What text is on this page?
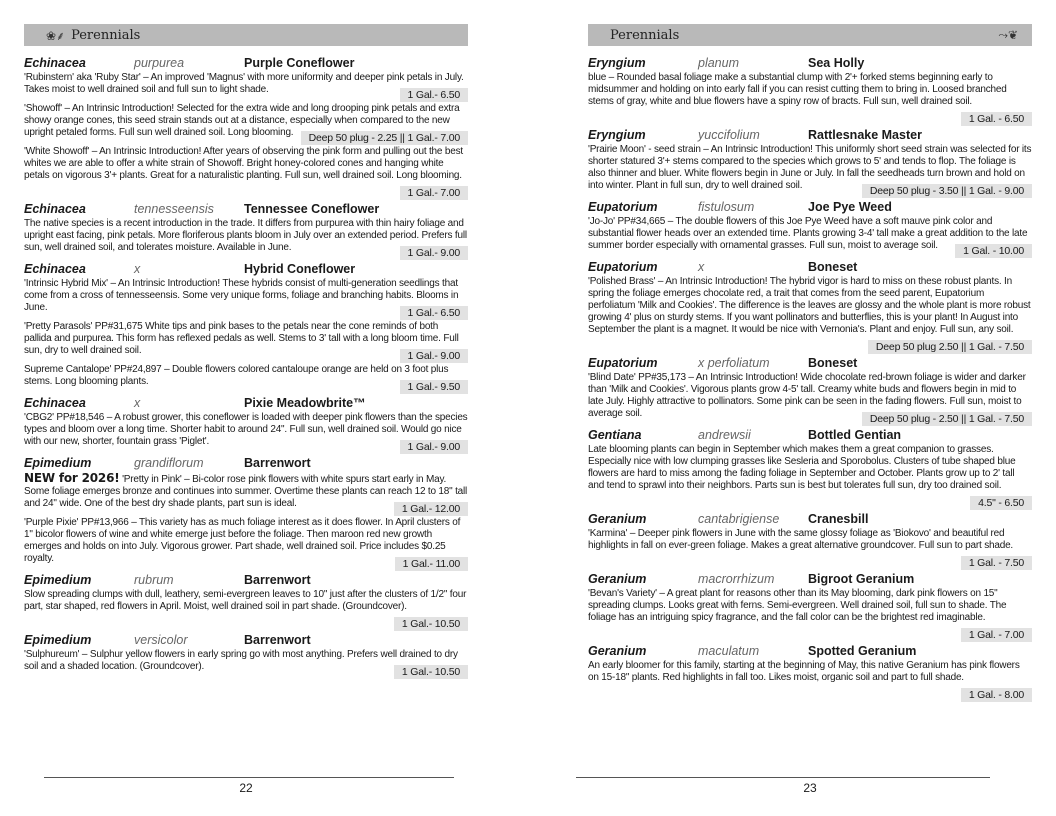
❀⸙ Perennials
Echinacea	purpurea	Purple Coneflower
'Rubinstern' aka 'Ruby Star' – An improved 'Magnus' with more uniformity and deeper pink petals in July. Takes moist to well drained soil and full sun to light shade.	1 Gal.- 6.50
'Showoff' – An Intrinsic Introduction! Selected for the extra wide and long drooping pink petals and extra showy orange cones, this seed strain stands out at a distance, especially when compared to the new upright petaled forms. Full sun well drained soil. Long blooming.	Deep 50 plug - 2.25 || 1 Gal.- 7.00
'White Showoff' – An Intrinsic Introduction! After years of observing the pink form and pulling out the best whites we are able to offer a white strain of Showoff. Bright honey-colored cones and hanging white petals on vigorous 3'+ plants. Great for a naturalistic planting. Full sun, well drained soil. Long blooming.
1 Gal.- 7.00
Echinacea	tennesseensis	Tennessee Coneflower
The native species is a recent introduction in the trade. It differs from purpurea with thin hairy foliage and upright east facing, pink petals. More floriferous plants bloom in July over an extended period. Prefers full sun, well drained soil, and tolerates moisture. Available in June.	1 Gal.- 9.00
Echinacea	x	Hybrid Coneflower
'Intrinsic Hybrid Mix' – An Intrinsic Introduction! These hybrids consist of multi-generation seedlings that come from a cross of tennesseensis. Some very unique forms, foliage and branching habits. Blooms in June.	1 Gal.- 6.50
'Pretty Parasols' PP#31,675 White tips and pink bases to the petals near the cone reminds of both pallida and purpurea. This form has reflexed pedals as well. Stems to 3' tall with a long bloom time. Full sun, dry to well drained soil.	1 Gal.- 9.00
Supreme Cantalope' PP#24,897 – Double flowers colored cantaloupe orange are held on 3 foot plus stems. Long blooming plants.	1 Gal.- 9.50
Echinacea	x	Pixie Meadowbrite™
'CBG2' PP#18,546 – A robust grower, this coneflower is loaded with deeper pink flowers than the species types and bloom over a long time. Shorter habit to around 24". Full sun, well drained soil. Would go nice with our new, shorter, fountain grass 'Piglet'.	1 Gal.- 9.00
Epimedium	grandiflorum	Barrenwort
NEW for 2026! 'Pretty in Pink' – Bi-color rose pink flowers with white spurs start early in May. Some foliage emerges bronze and continues into summer. Overtime these plants can reach 12 to 18" tall and 24" wide. One of the best dry shade plants, part sun is ideal.	1 Gal.- 12.00
'Purple Pixie' PP#13,966 – This variety has as much foliage interest as it does flower. In April clusters of 1" bicolor flowers of wine and white emerge just before the foliage. Then maroon red new growth emerges and holds on into July. Vigorous grower. Part shade, well drained soil. Price includes $0.25 royalty.	1 Gal.- 11.00
Epimedium	rubrum	Barrenwort
Slow spreading clumps with dull, leathery, semi-evergreen leaves to 10" just after the clusters of 1/2" four part, star shaped, red flowers in April. Moist, well drained soil in part shade. (Groundcover).
1 Gal.- 10.50
Epimedium	versicolor	Barrenwort
'Sulphureum' – Sulphur yellow flowers in early spring go with most anything. Prefers well drained to dry soil and a shaded location. (Groundcover).	1 Gal.- 10.50
22
Perennials	⤳❦
Eryngium	planum	Sea Holly
blue – Rounded basal foliage make a substantial clump with 2'+ forked stems beginning early to midsummer and holding on into early fall if you can resist cutting them to bring in. Loosed branched stems of gray, white and blue flowers have a spiny row of bracts. Full sun, well drained soil.
1 Gal. - 6.50
Eryngium	yuccifolium	Rattlesnake Master
'Prairie Moon' - seed strain – An Intrinsic Introduction! This uniformly short seed strain was selected for its shorter statured 3'+ stems compared to the species which grows to 5' and tends to flop. The foliage is also thinner and bluer. White flowers begin in June or July. In fall the seedheads turn brown and hold on into winter. Plant in full sun, dry to well drained soil.	Deep 50 plug - 3.50 || 1 Gal. - 9.00
Eupatorium	fistulosum	Joe Pye Weed
'Jo-Jo' PP#34,665 – The double flowers of this Joe Pye Weed have a soft mauve pink color and substantial flower heads over an extended time. Plants growing 3-4' tall make a great addition to the late summer border especially with ornamental grasses. Full sun, moist to average soil.	1 Gal. - 10.00
Eupatorium	x	Boneset
'Polished Brass' – An Intrinsic Introduction! The hybrid vigor is hard to miss on these robust plants. In spring the foliage emerges chocolate red, a trait that comes from the seed parent, Eupatorium perfoliatum 'Milk and Cookies'. The difference is the leaves are glossy and the whole plant is more robust growing 4' plus on sturdy stems. If you want pollinators and butterflies, this is your plant! In August into September the plant is a magnet. It would be nice with Vernonia's. Plant and enjoy. Full sun, any soil.
Deep 50 plug 2.50 || 1 Gal. - 7.50
Eupatorium	x perfoliatum	Boneset
'Blind Date' PP#35,173 – An Intrinsic Introduction! Wide chocolate red-brown foliage is wider and darker than 'Milk and Cookies'. Vigorous plants grow 4-5' tall. Creamy white buds and flowers begin in mid to late July. Highly attractive to pollinators. Some pink can be seen in the fading flowers. Full sun, moist to average soil.	Deep 50 plug - 2.50 || 1 Gal. - 7.50
Gentiana	andrewsii	Bottled Gentian
Late blooming plants can begin in September which makes them a great companion to grasses. Especially nice with low clumping grasses like Sesleria and Sporobolus. Clusters of tube shaped blue flowers are hard to miss among the fading foliage in September and October. Plants grow up to 2' tall and tend to sprawl into their neighbors. Parts sun is best but tolerates full sun, dry too drained soil.
4.5" - 6.50
Geranium	cantabrigiense	Cranesbill
'Karmina' – Deeper pink flowers in June with the same glossy foliage as 'Biokovo' and beautiful red highlights in fall on ever-green foliage. Makes a great alternative groundcover. Full sun to part shade.
1 Gal. - 7.50
Geranium	macrorrhizum	Bigroot Geranium
'Bevan's Variety' – A great plant for reasons other than its May blooming, dark pink flowers on 15" spreading clumps. Looks great with ferns. Semi-evergreen. Well drained soil, full sun to shade. The foliage has an intriguing spicy fragrance, and the fall color can be the brightest red imaginable.
1 Gal. - 7.00
Geranium	maculatum	Spotted Geranium
An early bloomer for this family, starting at the beginning of May, this native Geranium has pink flowers on 15-18" plants. Red highlights in fall too. Likes moist, organic soil and part to full shade.
1 Gal. - 8.00
23
